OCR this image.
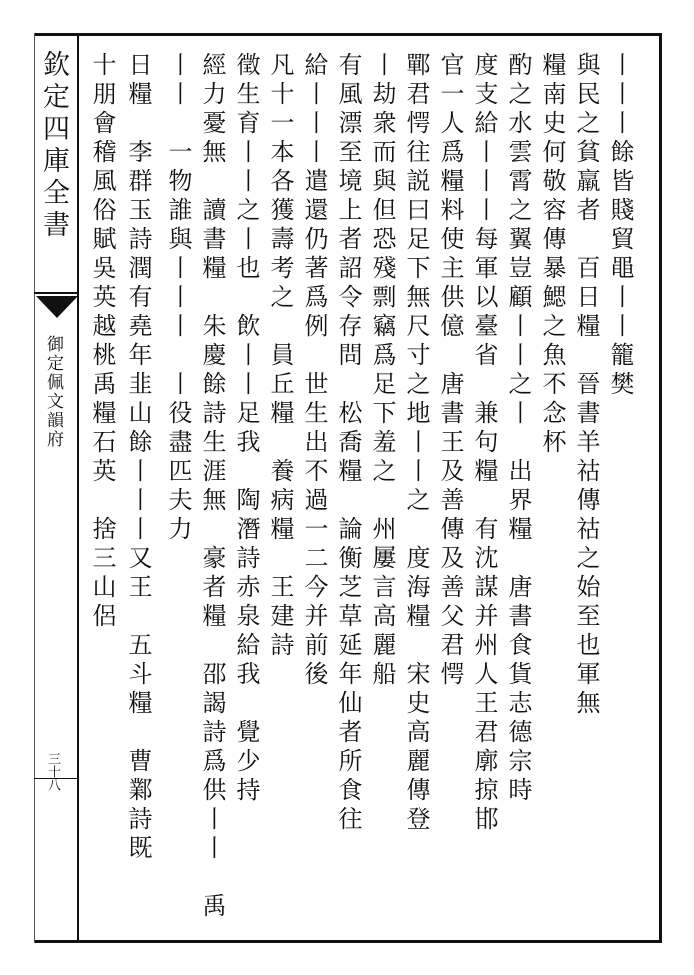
欽定四庫全書
御定佩文韻府
三十八
丨丨丨餘皆賤貿黽丨丨籠樊
與民之貧羸者　百日糧　晉書羊祜傳祜之始至也軍無
糧南史何敬容傳暴鰓之魚不念杯
酌之水雲霄之翼豈顧丨丨之丨　出界糧　唐書食貨志德宗時
度支給丨丨丨每軍以臺省　兼句糧　有沈謀并州人王君廓掠邯
官一人爲糧料使主供億　唐書王及善傳及善父君愕
鄲君愕往説曰足下無尺寸之地丨丨之　度海糧　宋史高麗傳登
丨劫衆而與但恐殘剽竊爲足下羞之　州屢言高麗船
有風漂至境上者詔令存問　松喬糧　論衡芝草延年仙者所食往
給丨丨丨遣還仍著爲例　世生出不過一二今并前後
凡十一本各獲壽考之　員丘糧　養病糧　王建詩
徵生育丨丨之丨也　飲丨丨足我　陶潛詩赤泉給我　覺少持
經力憂無　讀書糧　朱慶餘詩生涯無　豪者糧　邵謁詩爲供丨丨　禹
丨丨　一物誰與丨丨丨　丨役盡匹夫力
日糧　李群玉詩潤有堯年韭山餘丨丨丨又王　五斗糧　曹鄴詩既
十朋會稽風俗賦吳英越桃禹糧石英　捨三山侶
